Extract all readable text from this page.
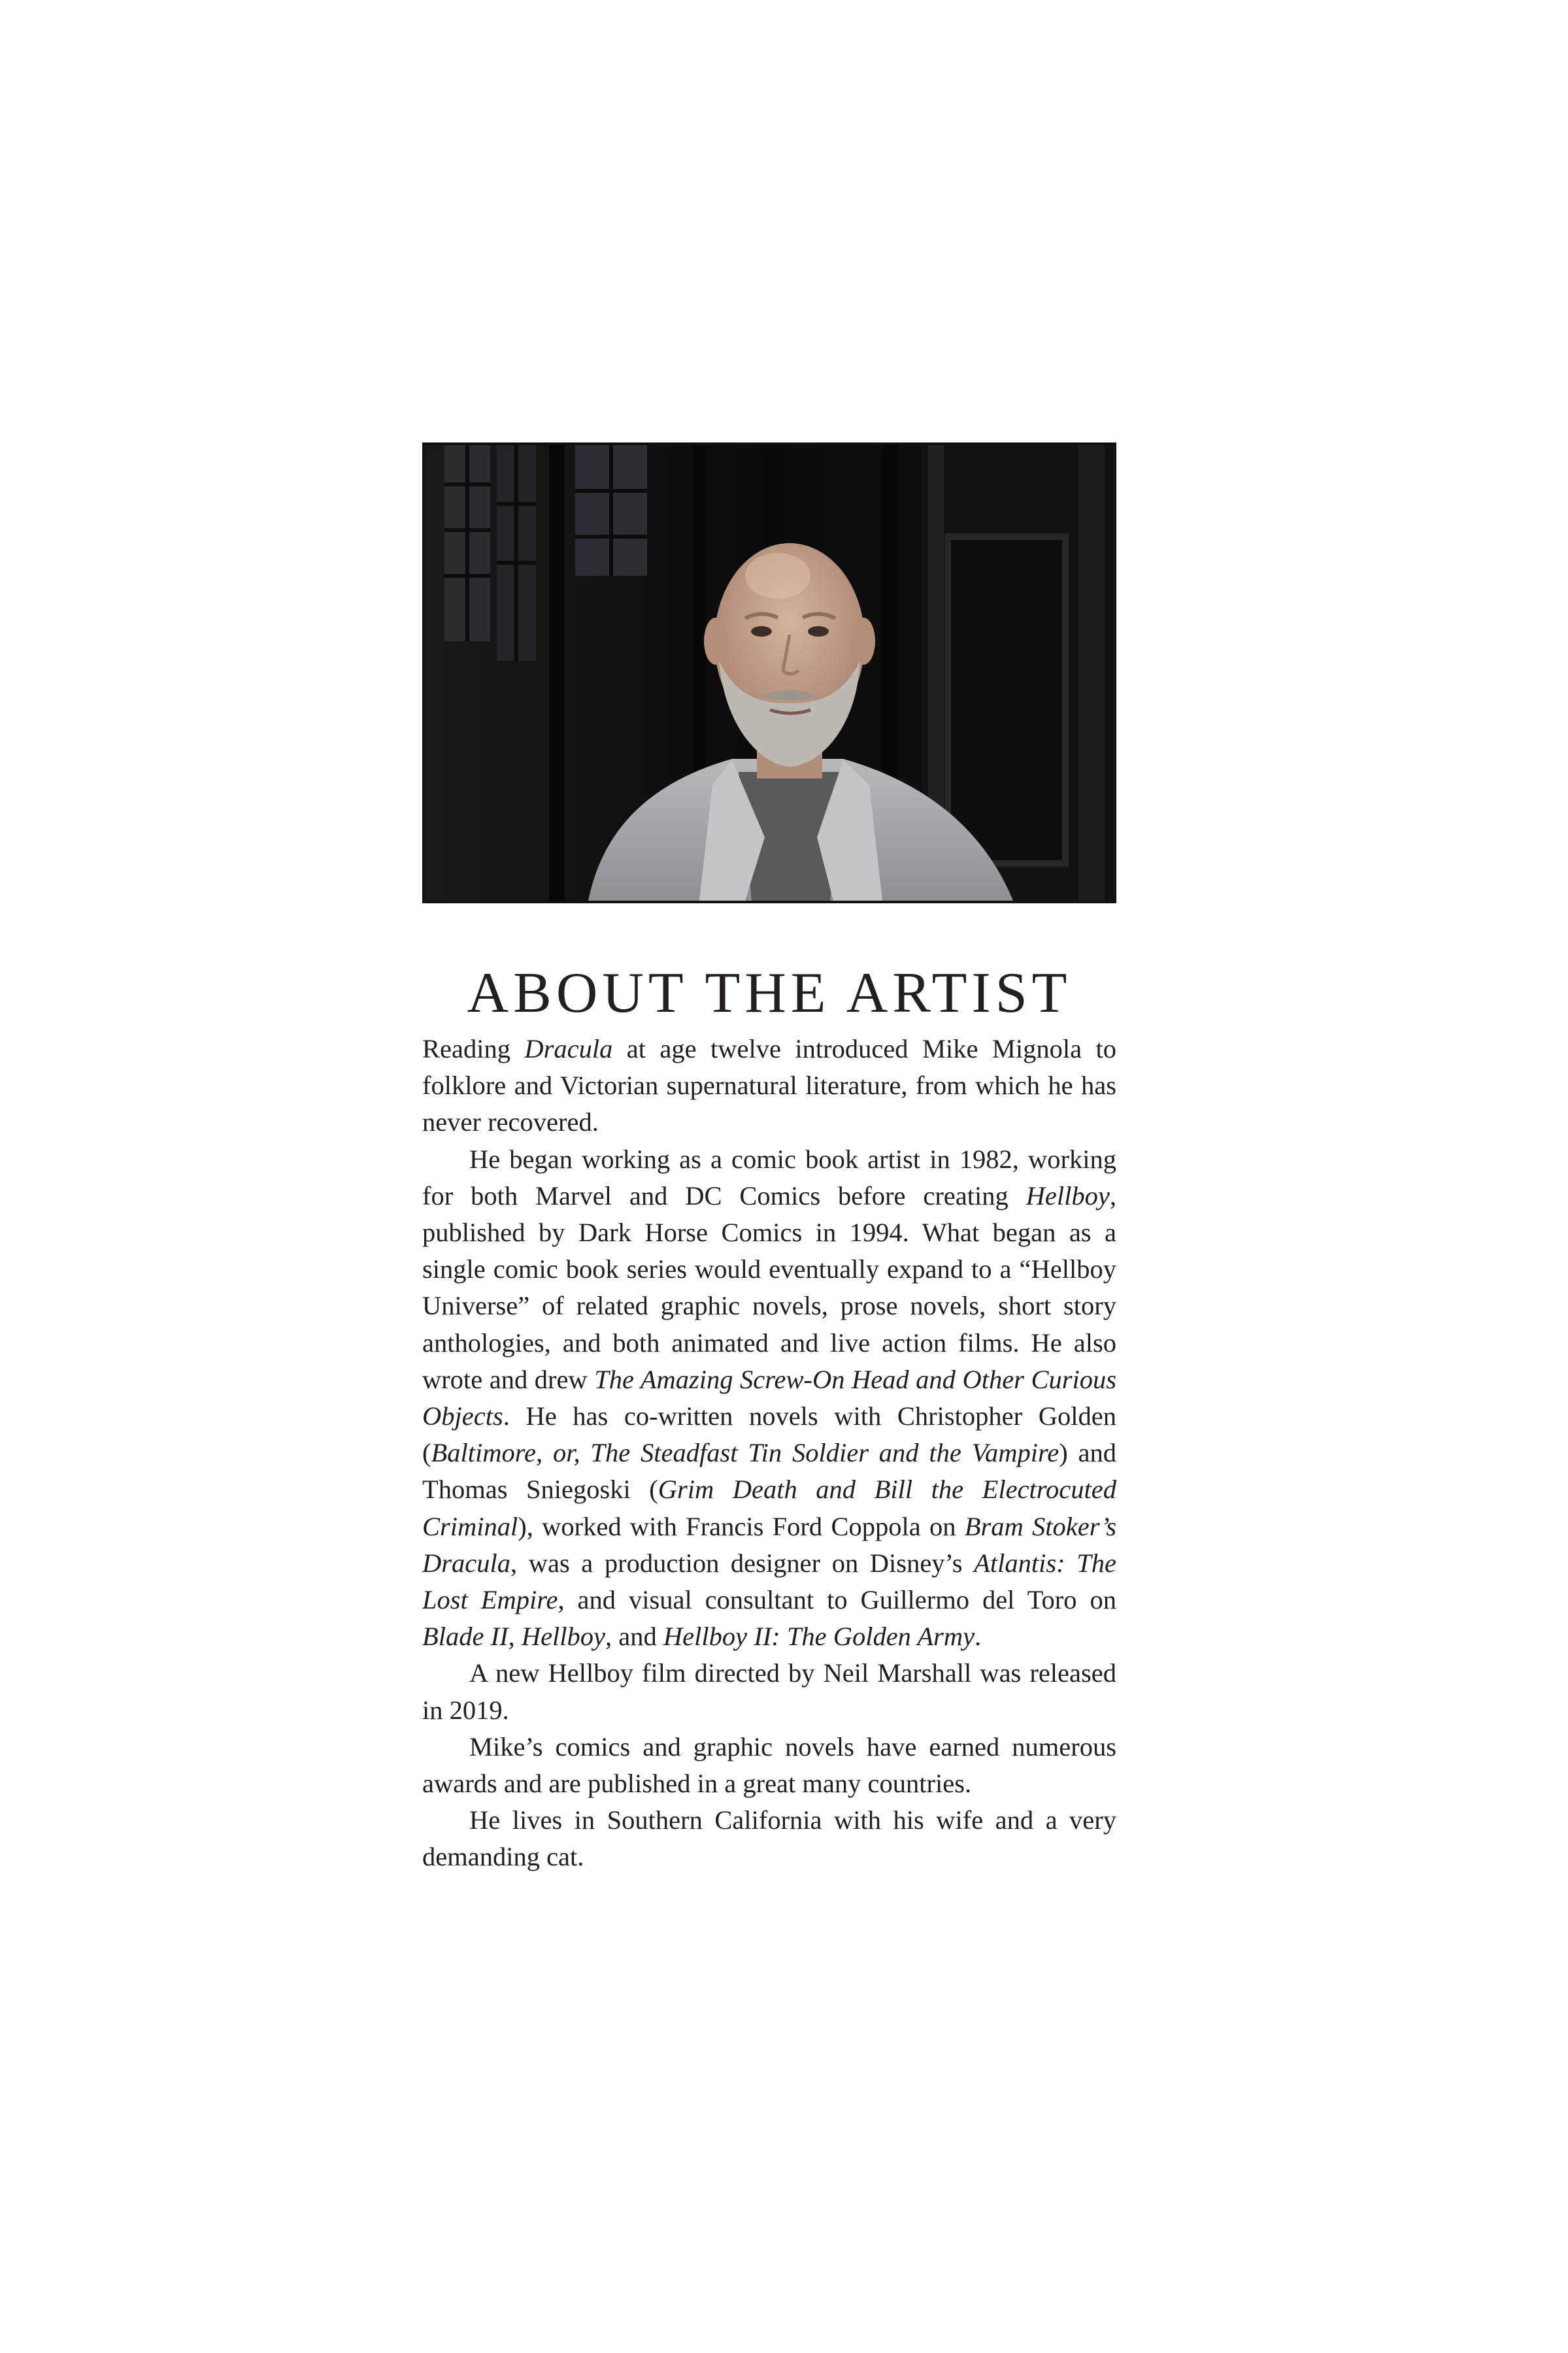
ABOUT THE ARTIST

Reading Dracula at age twelve introduced Mike Mignola to folklore and Victorian supernatural literature, from which he has never recovered.

He began working as a comic book artist in 1982, working for both Marvel and DC Comics before creating Hellboy, published by Dark Horse Comics in 1994. What began as a single comic book series would eventually expand to a “Hellboy Universe” of related graphic novels, prose novels, short story anthologies, and both animated and live action films. He also wrote and drew The Amazing Screw-On Head and Other Curious Objects. He has co-written novels with Christopher Golden (Baltimore, or, The Steadfast Tin Soldier and the Vampire) and Thomas Sniegoski (Grim Death and Bill the Electrocuted Criminal), worked with Francis Ford Coppola on Bram Stoker’s Dracula, was a production designer on Disney’s Atlantis: The Lost Empire, and visual consultant to Guillermo del Toro on Blade II, Hellboy, and Hellboy II: The Golden Army.

A new Hellboy film directed by Neil Marshall was released in 2019.

Mike’s comics and graphic novels have earned numerous awards and are published in a great many countries.

He lives in Southern California with his wife and a very demanding cat.
